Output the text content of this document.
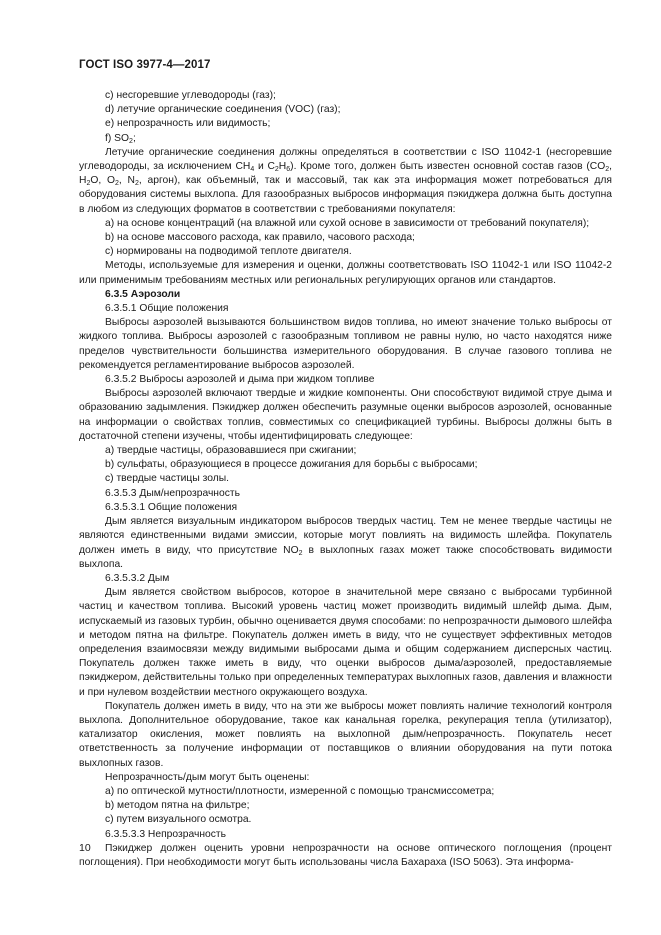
ГОСТ ISO 3977-4—2017

c) несгоревшие углеводороды (газ);

d) летучие органические соединения (VOC) (газ);

e) непрозрачность или видимость;

f) $SO_2$;

Летучие органические соединения должны определяться в соответствии с ISO 11042-1 (несгоревшие углеводороды, за исключением $CH_4$ и $C_2H_6$). Кроме того, должен быть известен основной состав газов ($CO_2$, $H_2O$, $O_2$, $N_2$, аргон), как объемный, так и массовый, так как эта информация может потребоваться для оборудования системы выхлопа. Для газообразных выбросов информация пэкиджера должна быть доступна в любом из следующих форматов в соответствии с требованиями покупателя:

a) на основе концентраций (на влажной или сухой основе в зависимости от требований покупателя);

b) на основе массового расхода, как правило, часового расхода;

c) нормированы на подводимой теплоте двигателя.

Методы, используемые для измерения и оценки, должны соответствовать ISO 11042-1 или ISO 11042-2 или применимым требованиям местных или региональных регулирующих органов или стандартов.

6.3.5 Аэрозоли

6.3.5.1 Общие положения

Выбросы аэрозолей вызываются большинством видов топлива, но имеют значение только выбросы от жидкого топлива. Выбросы аэрозолей с газообразным топливом не равны нулю, но часто находятся ниже пределов чувствительности большинства измерительного оборудования. В случае газового топлива не рекомендуется регламентирование выбросов аэрозолей.

6.3.5.2 Выбросы аэрозолей и дыма при жидком топливе

Выбросы аэрозолей включают твердые и жидкие компоненты. Они способствуют видимой струе дыма и образованию задымления. Пэкиджер должен обеспечить разумные оценки выбросов аэрозолей, основанные на информации о свойствах топлив, совместимых со спецификацией турбины. Выбросы должны быть в достаточной степени изучены, чтобы идентифицировать следующее:

a) твердые частицы, образовавшиеся при сжигании;

b) сульфаты, образующиеся в процессе дожигания для борьбы с выбросами;

c) твердые частицы золы.

6.3.5.3 Дым/непрозрачность

6.3.5.3.1 Общие положения

Дым является визуальным индикатором выбросов твердых частиц. Тем не менее твердые частицы не являются единственными видами эмиссии, которые могут повлиять на видимость шлейфа. Покупатель должен иметь в виду, что присутствие $NO_2$ в выхлопных газах может также способствовать видимости выхлопа.

6.3.5.3.2 Дым

Дым является свойством выбросов, которое в значительной мере связано с выбросами турбинной частиц и качеством топлива. Высокий уровень частиц может производить видимый шлейф дыма. Дым, испускаемый из газовых турбин, обычно оценивается двумя способами: по непрозрачности дымового шлейфа и методом пятна на фильтре. Покупатель должен иметь в виду, что не существует эффективных методов определения взаимосвязи между видимыми выбросами дыма и общим содержанием дисперсных частиц. Покупатель должен также иметь в виду, что оценки выбросов дыма/аэрозолей, предоставляемые пэкиджером, действительны только при определенных температурах выхлопных газов, давления и влажности и при нулевом воздействии местного окружающего воздуха.

Покупатель должен иметь в виду, что на эти же выбросы может повлиять наличие технологий контроля выхлопа. Дополнительное оборудование, такое как канальная горелка, рекуперация тепла (утилизатор), катализатор окисления, может повлиять на выхлопной дым/непрозрачность. Покупатель несет ответственность за получение информации от поставщиков о влиянии оборудования на пути потока выхлопных газов.

Непрозрачность/дым могут быть оценены:

a) по оптической мутности/плотности, измеренной с помощью трансмиссометра;

b) методом пятна на фильтре;

c) путем визуального осмотра.

6.3.5.3.3 Непрозрачность

Пэкиджер должен оценить уровни непрозрачности на основе оптического поглощения (процент поглощения). При необходимости могут быть использованы числа Бахараха (ISO 5063). Эта информа-

10
